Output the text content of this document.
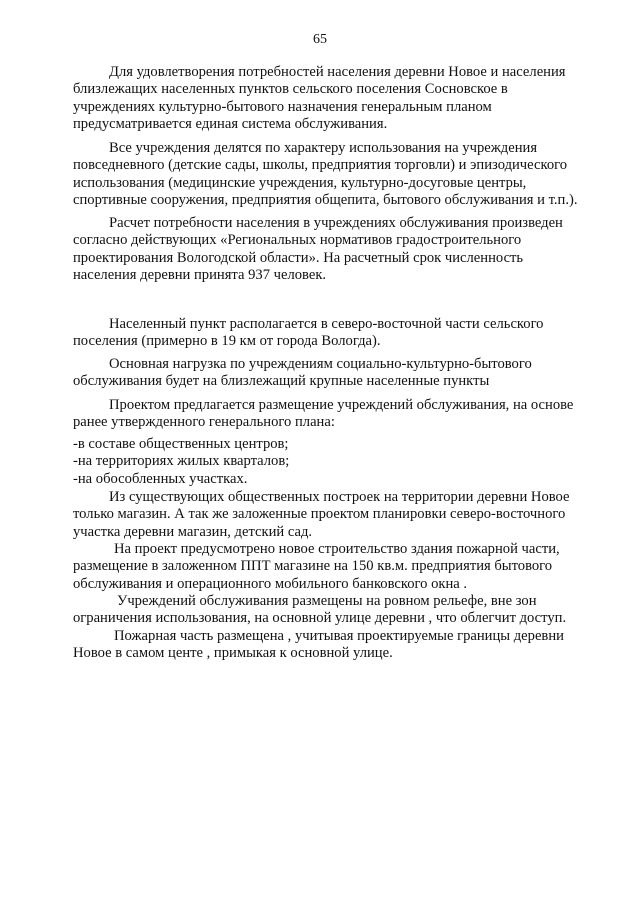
65
Для удовлетворения потребностей населения деревни Новое и населения
близлежащих населенных пунктов сельского поселения Сосновское в
учреждениях культурно-бытового назначения генеральным планом
предусматривается единая система обслуживания.
Все учреждения делятся по характеру использования на учреждения
повседневного (детские сады, школы, предприятия торговли) и эпизодического
использования (медицинские учреждения, культурно-досуговые центры,
спортивные сооружения, предприятия общепита, бытового обслуживания и т.п.).
Расчет потребности населения в учреждениях обслуживания произведен
согласно действующих «Региональных нормативов градостроительного
проектирования Вологодской области». На расчетный срок численность
населения деревни принята 937 человек.
Населенный пункт располагается в северо-восточной части сельского
поселения (примерно в 19 км от города Вологда).
Основная нагрузка по учреждениям социально-культурно-бытового
обслуживания будет на близлежащий крупные населенные пункты
Проектом предлагается размещение учреждений обслуживания, на основе
ранее утвержденного генерального плана:
-в составе общественных центров;
-на территориях жилых кварталов;
-на обособленных участках.
Из существующих общественных построек на территории деревни Новое
только магазин. А так же заложенные проектом планировки северо-восточного
участка деревни магазин, детский сад.
На проект предусмотрено новое строительство здания пожарной части,
размещение в заложенном ППТ магазине на 150 кв.м. предприятия бытового
обслуживания и операционного мобильного банковского окна .
Учреждений обслуживания размещены на ровном рельефе, вне зон
ограничения использования, на основной улице деревни , что облегчит доступ.
Пожарная часть размещена , учитывая проектируемые границы деревни
Новое в самом центе , примыкая к основной улице.
